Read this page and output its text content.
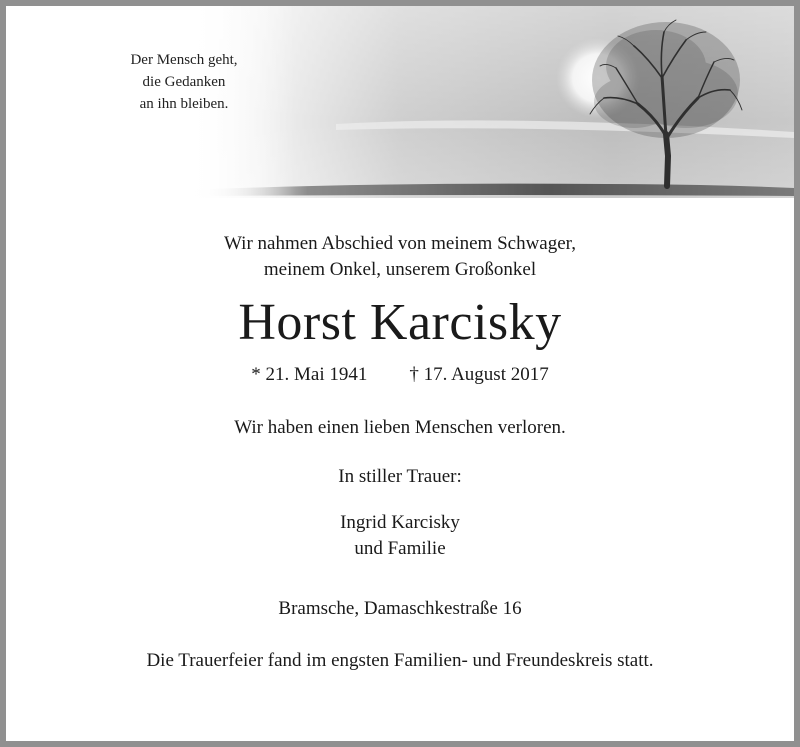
Der Mensch geht,
die Gedanken
an ihn bleiben.
Wir nahmen Abschied von meinem Schwager,
meinem Onkel, unserem Großonkel
Horst Karcisky
* 21. Mai 1941 † 17. August 2017
Wir haben einen lieben Menschen verloren.
In stiller Trauer:
Ingrid Karcisky
und Familie
Bramsche, Damaschkestraße 16
Die Trauerfeier fand im engsten Familien- und Freundeskreis statt.
